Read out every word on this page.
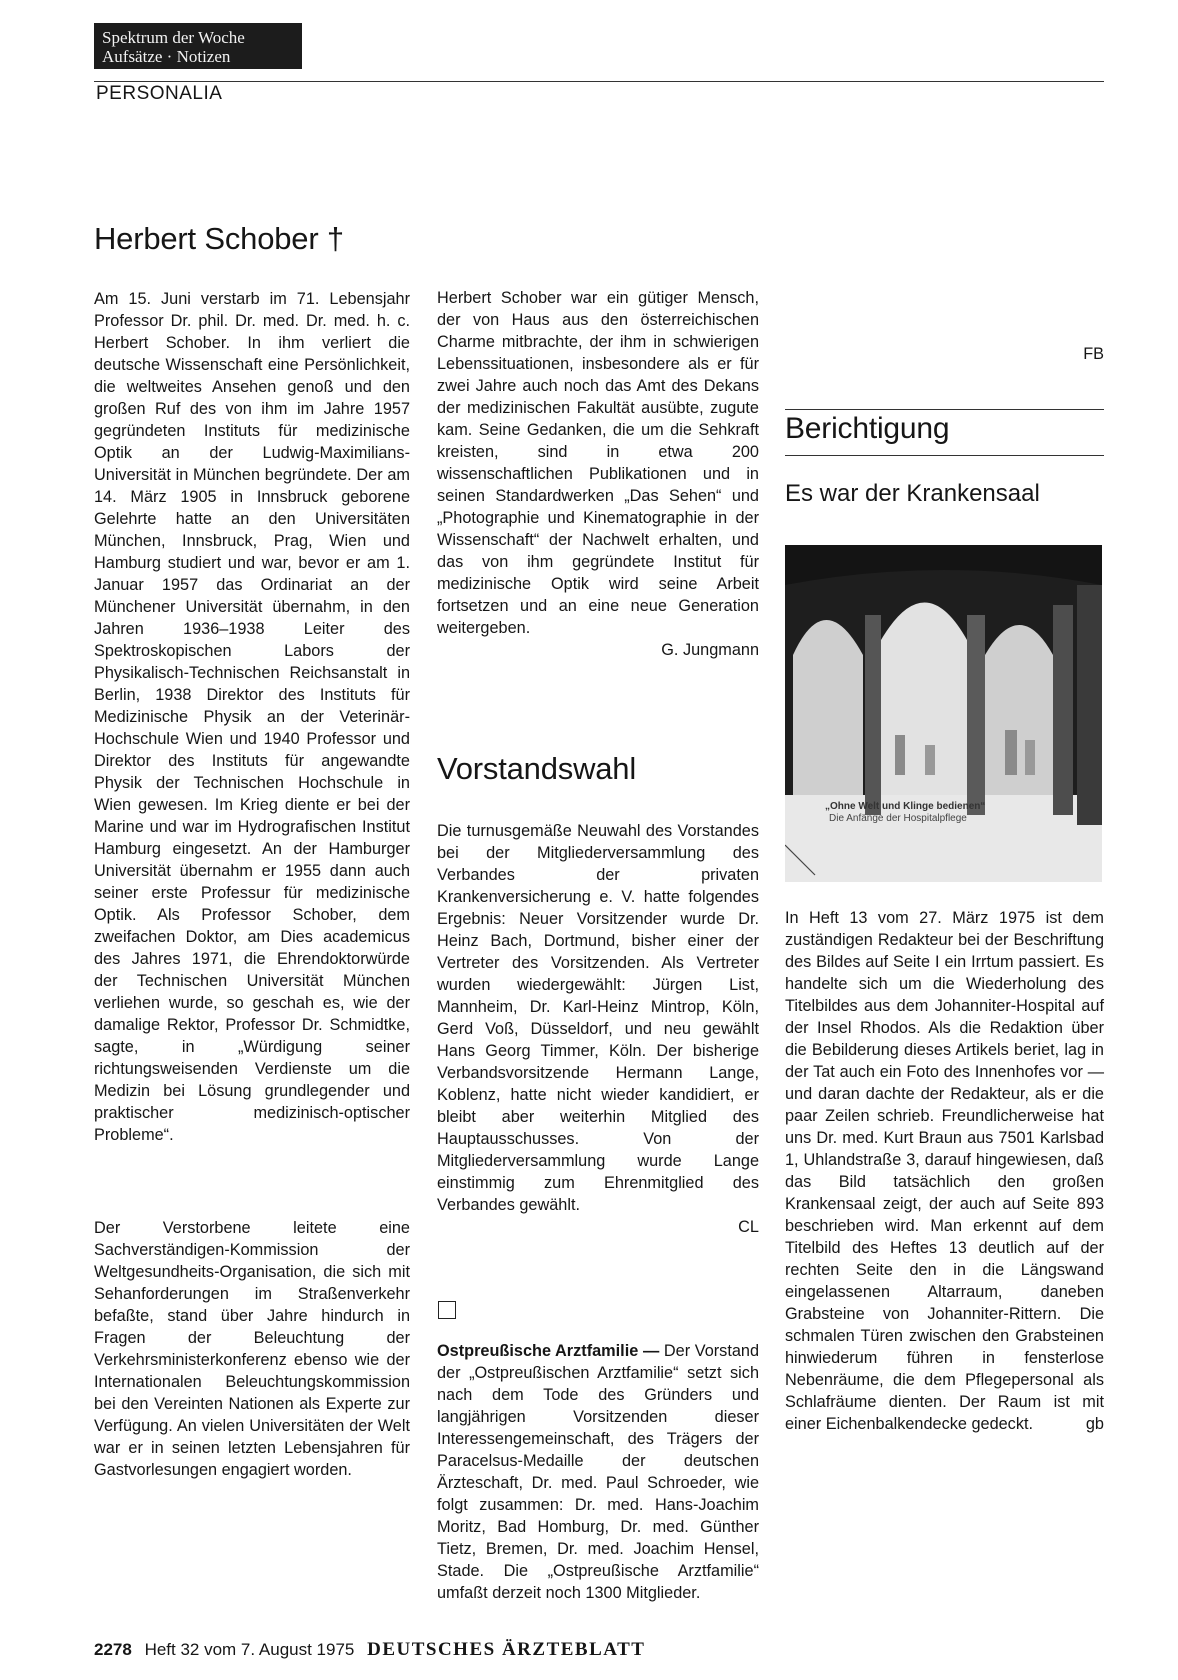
Spektrum der Woche
Aufsätze · Notizen
PERSONALIA
Herbert Schober †

Am 15. Juni verstarb im 71. Lebensjahr Professor Dr. phil. Dr. med. Dr. med. h. c. Herbert Schober. In ihm verliert die deutsche Wissenschaft eine Persönlichkeit, die weltweites Ansehen genoß und den großen Ruf des von ihm im Jahre 1957 gegründeten Instituts für medizinische Optik an der Ludwig-Maximilians-Universität in München begründete. Der am 14. März 1905 in Innsbruck geborene Gelehrte hatte an den Universitäten München, Innsbruck, Prag, Wien und Hamburg studiert und war, bevor er am 1. Januar 1957 das Ordinariat an der Münchener Universität übernahm, in den Jahren 1936–1938 Leiter des Spektroskopischen Labors der Physikalisch-Technischen Reichsanstalt in Berlin, 1938 Direktor des Instituts für Medizinische Physik an der Veterinär-Hochschule Wien und 1940 Professor und Direktor des Instituts für angewandte Physik der Technischen Hochschule in Wien gewesen. Im Krieg diente er bei der Marine und war im Hydrografischen Institut Hamburg eingesetzt. An der Hamburger Universität übernahm er 1955 dann auch seiner erste Professur für medizinische Optik. Als Professor Schober, dem zweifachen Doktor, am Dies academicus des Jahres 1971, die Ehrendoktorwürde der Technischen Universität München verliehen wurde, so geschah es, wie der damalige Rektor, Professor Dr. Schmidtke, sagte, in „Würdigung seiner richtungsweisenden Verdienste um die Medizin bei Lösung grundlegender und praktischer medizinisch-optischer Probleme“.

Der Verstorbene leitete eine Sachverständigen-Kommission der Weltgesundheits-Organisation, die sich mit Sehanforderungen im Straßenverkehr befaßte, stand über Jahre hindurch in Fragen der Beleuchtung der Verkehrsministerkonferenz ebenso wie der Internationalen Beleuchtungskommission bei den Vereinten Nationen als Experte zur Verfügung. An vielen Universitäten der Welt war er in seinen letzten Lebensjahren für Gastvorlesungen engagiert worden.

Herbert Schober war ein gütiger Mensch, der von Haus aus den österreichischen Charme mitbrachte, der ihm in schwierigen Lebenssituationen, insbesondere als er für zwei Jahre auch noch das Amt des Dekans der medizinischen Fakultät ausübte, zugute kam. Seine Gedanken, die um die Sehkraft kreisten, sind in etwa 200 wissenschaftlichen Publikationen und in seinen Standardwerken „Das Sehen“ und „Photographie und Kinematographie in der Wissenschaft“ der Nachwelt erhalten, und das von ihm gegründete Institut für medizinische Optik wird seine Arbeit fortsetzen und an eine neue Generation weitergeben.

G. Jungmann
Vorstandswahl

Die turnusgemäße Neuwahl des Vorstandes bei der Mitgliederversammlung des Verbandes der privaten Krankenversicherung e. V. hatte folgendes Ergebnis: Neuer Vorsitzender wurde Dr. Heinz Bach, Dortmund, bisher einer der Vertreter des Vorsitzenden. Als Vertreter wurden wiedergewählt: Jürgen List, Mannheim, Dr. Karl-Heinz Mintrop, Köln, Gerd Voß, Düsseldorf, und neu gewählt Hans Georg Timmer, Köln. Der bisherige Verbandsvorsitzende Hermann Lange, Koblenz, hatte nicht wieder kandidiert, er bleibt aber weiterhin Mitglied des Hauptausschusses. Von der Mitgliederversammlung wurde Lange einstimmig zum Ehrenmitglied des Verbandes gewählt.

CL
Ostpreußische Arztfamilie — Der Vorstand der „Ostpreußischen Arztfamilie“ setzt sich nach dem Tode des Gründers und langjährigen Vorsitzenden dieser Interessengemeinschaft, des Trägers der Paracelsus-Medaille der deutschen Ärzteschaft, Dr. med. Paul Schroeder, wie folgt zusammen: Dr. med. Hans-Joachim Moritz, Bad Homburg, Dr. med. Günther Tietz, Bremen, Dr. med. Joachim Hensel, Stade. Die „Ostpreußische Arztfamilie“ umfaßt derzeit noch 1300 Mitglieder.
FB
Berichtigung
Es war der Krankensaal
„Ohne Welt und Klinge bedienen“
Die Anfänge der Hospitalpflege

In Heft 13 vom 27. März 1975 ist dem zuständigen Redakteur bei der Beschriftung des Bildes auf Seite I ein Irrtum passiert. Es handelte sich um die Wiederholung des Titelbildes aus dem Johanniter-Hospital auf der Insel Rhodos. Als die Redaktion über die Bebilderung dieses Artikels beriet, lag in der Tat auch ein Foto des Innenhofes vor — und daran dachte der Redakteur, als er die paar Zeilen schrieb. Freundlicherweise hat uns Dr. med. Kurt Braun aus 7501 Karlsbad 1, Uhlandstraße 3, darauf hingewiesen, daß das Bild tatsächlich den großen Krankensaal zeigt, der auch auf Seite 893 beschrieben wird. Man erkennt auf dem Titelbild des Heftes 13 deutlich auf der rechten Seite den in die Längswand eingelassenen Altarraum, daneben Grabsteine von Johanniter-Rittern. Die schmalen Türen zwischen den Grabsteinen hinwiederum führen in fensterlose Nebenräume, die dem Pflegepersonal als Schlafräume dienten. Der Raum ist mit einer Eichenbalkendecke gedeckt.	gb
2278 Heft 32 vom 7. August 1975 DEUTSCHES ÄRZTEBLATT
